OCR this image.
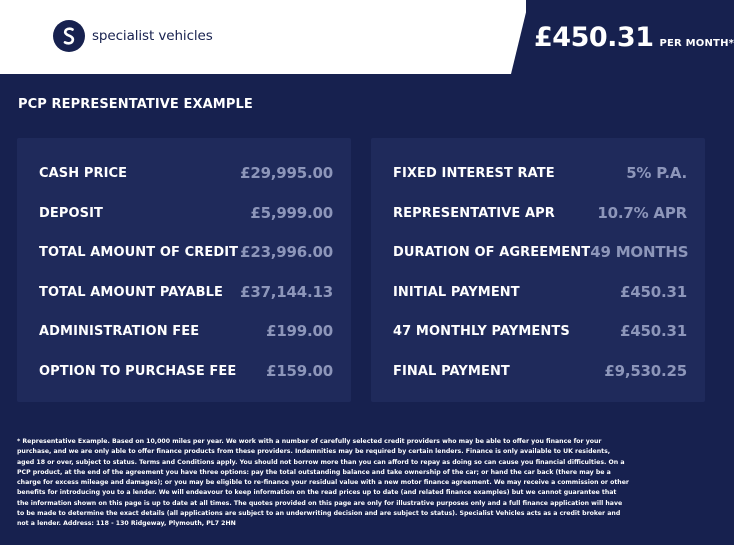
specialist vehicles	£450.31 PER MONTH*
PCP REPRESENTATIVE EXAMPLE
CASH PRICE	£29,995.00
DEPOSIT	£5,999.00
TOTAL AMOUNT OF CREDIT £23,996.00
TOTAL AMOUNT PAYABLE £37,144.13
ADMINISTRATION FEE	£199.00
OPTION TO PURCHASE FEE £159.00
FIXED INTEREST RATE	5% P.A.
REPRESENTATIVE APR	10.7% APR
DURATION OF AGREEMENT 49 MONTHS
INITIAL PAYMENT	£450.31
47 MONTHLY PAYMENTS	£450.31
FINAL PAYMENT	£9,530.25

* Representative Example. Based on 10,000 miles per year. We work with a number of carefully selected credit providers who may be able to offer you finance for your purchase, and we are only able to offer finance products from these providers. Indemnities may be required by certain lenders. Finance is only available to UK residents, aged 18 or over, subject to status. Terms and Conditions apply. You should not borrow more than you can afford to repay as doing so can cause you financial difficulties. On a PCP product, at the end of the agreement you have three options: pay the total outstanding balance and take ownership of the car; or hand the car back (there may be a charge for excess mileage and damages); or you may be eligible to re-finance your residual value with a new motor finance agreement. We may receive a commission or other benefits for introducing you to a lender. We will endeavour to keep information on the read prices up to date (and related finance examples) but we cannot guarantee that the information shown on this page is up to date at all times. The quotes provided on this page are only for illustrative purposes only and a full finance application will have to be made to determine the exact details (all applications are subject to an underwriting decision and are subject to status). Specialist Vehicles acts as a credit broker and not a lender. Address: 118 - 130 Ridgeway, Plymouth, PL7 2HN
